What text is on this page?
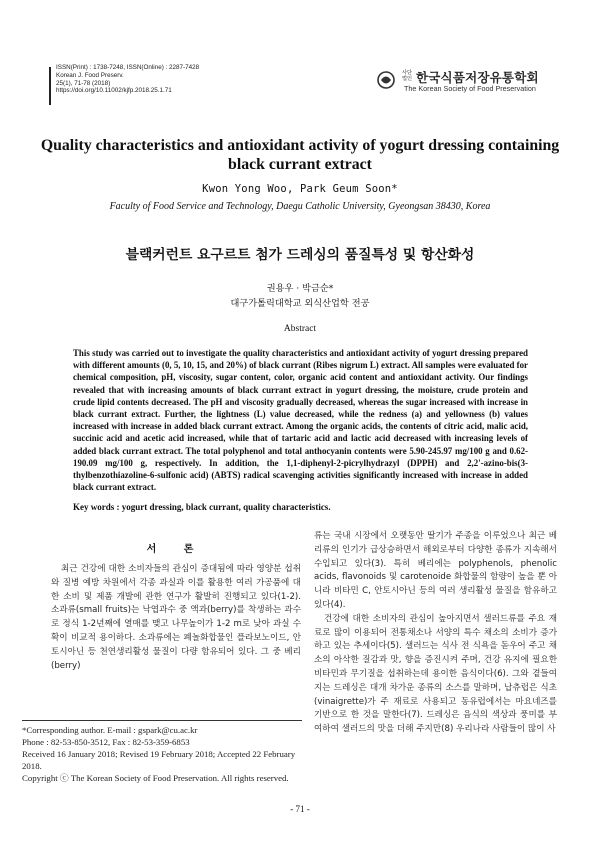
ISSN(Print) : 1738-7248, ISSN(Online) : 2287-7428
Korean J. Food Preserv.
25(1), 71-78 (2018)
https://doi.org/10.11002/kjfp.2018.25.1.71
사단
법인 한국식품저장유통학회
The Korean Society of Food Preservation
Quality characteristics and antioxidant activity of yogurt dressing containing black currant extract
Kwon Yong Woo, Park Geum Soon*
Faculty of Food Service and Technology, Daegu Catholic University, Gyeongsan 38430, Korea
블랙커런트 요구르트 첨가 드레싱의 품질특성 및 항산화성
권용우 · 박금순*
대구가톨릭대학교 외식산업학 전공
Abstract
This study was carried out to investigate the quality characteristics and antioxidant activity of yogurt dressing prepared with different amounts (0, 5, 10, 15, and 20%) of black currant (Ribes nigrum L) extract. All samples were evaluated for chemical composition, pH, viscosity, sugar content, color, organic acid content and antioxidant activity. Our findings revealed that with increasing amounts of black currant extract in yogurt dressing, the moisture, crude protein and crude lipid contents decreased. The pH and viscosity gradually decreased, whereas the sugar increased with increase in black currant extract. Further, the lightness (L) value decreased, while the redness (a) and yellowness (b) values increased with increase in added black currant extract. Among the organic acids, the contents of citric acid, malic acid, succinic acid and acetic acid increased, while that of tartaric acid and lactic acid decreased with increasing levels of added black currant extract. The total polyphenol and total anthocyanin contents were 5.90-245.97 mg/100 g and 0.62-190.09 mg/100 g, respectively. In addition, the 1,1-diphenyl-2-picrylhydrazyl (DPPH) and 2,2'-azino-bis(3-thylbenzothiazoline-6-sulfonic acid) (ABTS) radical scavenging activities significantly increased with increase in added black currant extract.
Key words : yogurt dressing, black currant, quality characteristics.
서 론

최근 건강에 대한 소비자들의 관심이 증대됨에 따라 영양분 섭취와 질병 예방 차원에서 각종 과실과 이를 활용한 여러 가공품에 대한 소비 및 제품 개발에 관한 연구가 활발히 진행되고 있다(1-2). 소과류(small fruits)는 낙엽과수 중 액과(berry)를 착생하는 과수로 정식 1-2년째에 열매를 맺고 나무높이가 1-2 m로 낮아 과실 수확이 비교적 용이하다. 소과류에는 폐놀화합물인 플라보노이드, 안토시아닌 등 천연생리활성 물질이 다량 함유되어 있다. 그 중 베리(berry)

류는 국내 시장에서 오랫동안 딸기가 주종을 이루었으나 최근 베리류의 인기가 급상승하면서 해외로부터 다양한 종류가 지속해서 수입되고 있다(3). 특히 베리에는 polyphenols, phenolic acids, flavonoids 및 carotenoide 화합물의 함량이 높을 뿐 아니라 비타민 C, 안토시아닌 등의 여러 생리활성 물질을 함유하고 있다(4).

건강에 대한 소비자의 관심이 높아지면서 샐러드류를 주요 재료로 많이 이용되어 전통채소나 서양의 특수 채소의 소비가 증가하고 있는 추세이다(5). 샐러드는 식사 전 식욕을 돋우어 주고 채소의 아삭한 질감과 맛, 향을 증진시켜 주며, 건강 유지에 필요한 비타민과 무기질을 섭취하는데 용이한 음식이다(6). 그와 곁들여지는 드레싱은 대개 차가운 종류의 소스를 말하며, 납츄럽은 식초(vinaigrette)가 주 재료로 사용되고 동유럽에서는 마요네즈를 기반으로 한 것을 말한다(7). 드레싱은 음식의 색상과 풍미를 부여하여 샐러드의 맛을 더해 주지만(8) 우리나라 사람들이 많이 사

*Corresponding author. E-mail : gspark@cu.ac.kr

Phone : 82-53-850-3512, Fax : 82-53-359-6853

Received 16 January 2018; Revised 19 February 2018; Accepted 22 February 2018.

Copyright ⓒ The Korean Society of Food Preservation. All rights reserved.

- 71 -
